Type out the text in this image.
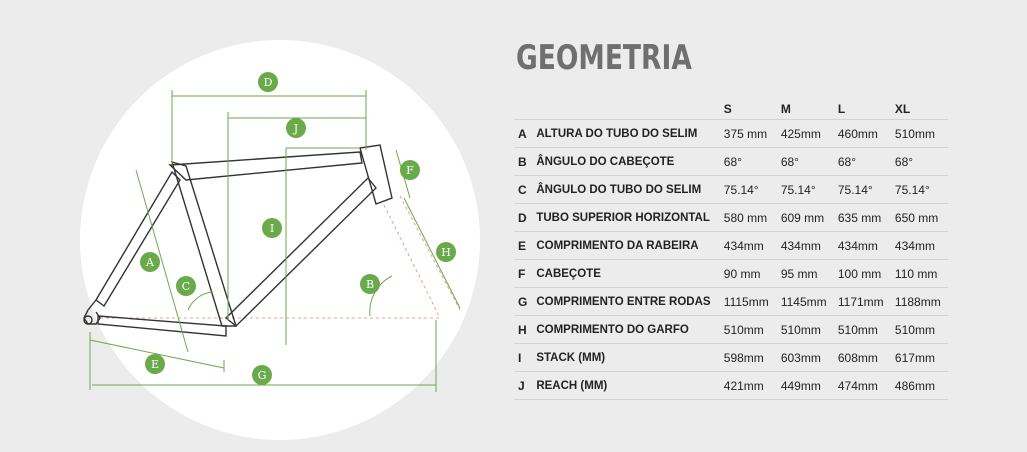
D
J
F
I
H
A
C	B
E
G
GEOMETRIA
		S	M	L	XL
A	ALTURA DO TUBO DO SELIM	375 mm	425mm	460mm	510mm
B	ÂNGULO DO CABEÇOTE	68°	68°	68°	68°
C	ÂNGULO DO TUBO DO SELIM	75.14°	75.14°	75.14°	75.14°
D	TUBO SUPERIOR HORIZONTAL	580 mm	609 mm	635 mm	650 mm
E	COMPRIMENTO DA RABEIRA	434mm	434mm	434mm	434mm
F	CABEÇOTE	90 mm	95 mm	100 mm	110 mm
G	COMPRIMENTO ENTRE RODAS	1115mm	1145mm	1171mm	1188mm
H	COMPRIMENTO DO GARFO	510mm	510mm	510mm	510mm
I	STACK (MM)	598mm	603mm	608mm	617mm
J	REACH (MM)	421mm	449mm	474mm	486mm
